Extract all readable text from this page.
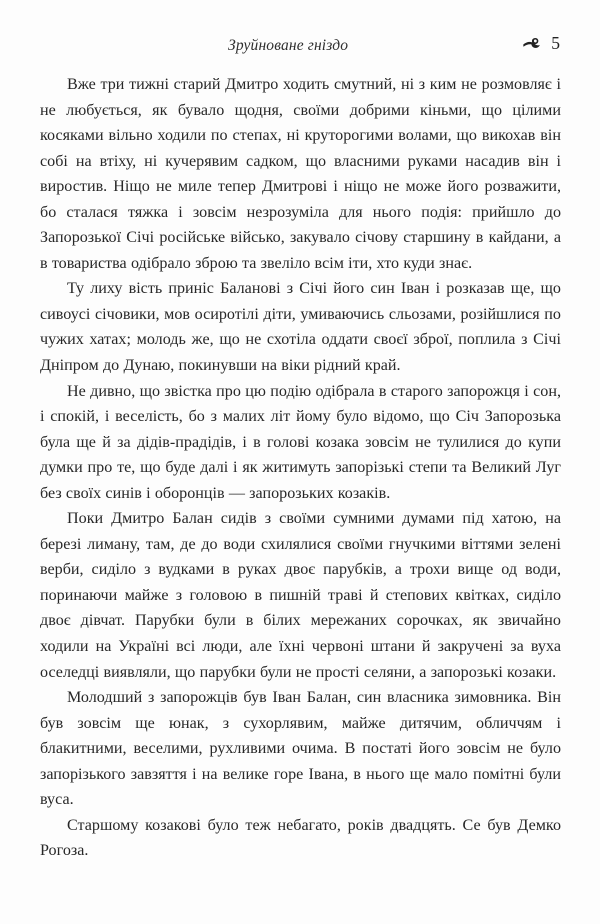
Зруйноване гніздо	5

Вже три тижні старий Дмитро ходить смутний, ні з ким не розмовляє і не любується, як бувало щодня, своїми добрими кіньми, що цілими косяками вільно ходили по степах, ні круторогими волами, що викохав він собі на втіху, ні кучерявим садком, що власними руками насадив він і виростив. Ніщо не миле тепер Дмитрові і ніщо не може його розважити, бо сталася тяжка і зовсім незрозуміла для нього подія: прийшло до Запорозької Січі російське військо, закувало січову старшину в кайдани, а в товариства одібрало зброю та звеліло всім іти, хто куди знає.

Ту лиху вість приніс Баланові з Січі його син Іван і розказав ще, що сивоусі січовики, мов осиротілі діти, умиваючись сльозами, розійшлися по чужих хатах; молодь же, що не схотіла оддати своєї зброї, поплила з Січі Дніпром до Дунаю, покинувши на віки рідний край.

Не дивно, що звістка про цю подію одібрала в старого запорожця і сон, і спокій, і веселість, бо з малих літ йому було відомо, що Січ Запорозька була ще й за дідів-прадідів, і в голові козака зовсім не тулилися до купи думки про те, що буде далі і як житимуть запорізькі степи та Великий Луг без своїх синів і оборонців — запорозьких козаків.

Поки Дмитро Балан сидів з своїми сумними думами під хатою, на березі лиману, там, де до води схилялися своїми гнучкими віттями зелені верби, сиділо з вудками в руках двоє парубків, а трохи вище од води, поринаючи майже з головою в пишній траві й степових квітках, сиділо двоє дівчат. Парубки були в білих мережаних сорочках, як звичайно ходили на Україні всі люди, але їхні червоні штани й закручені за вуха оселедці виявляли, що парубки були не прості селяни, а запорозькі козаки.

Молодший з запорожців був Іван Балан, син власника зимовника. Він був зовсім ще юнак, з сухорлявим, майже дитячим, обличчям і блакитними, веселими, рухливими очима. В постаті його зовсім не було запорізького завзяття і на велике горе Івана, в нього ще мало помітні були вуса.

Старшому козакові було теж небагато, років двадцять. Се був Демко Рогоза.
